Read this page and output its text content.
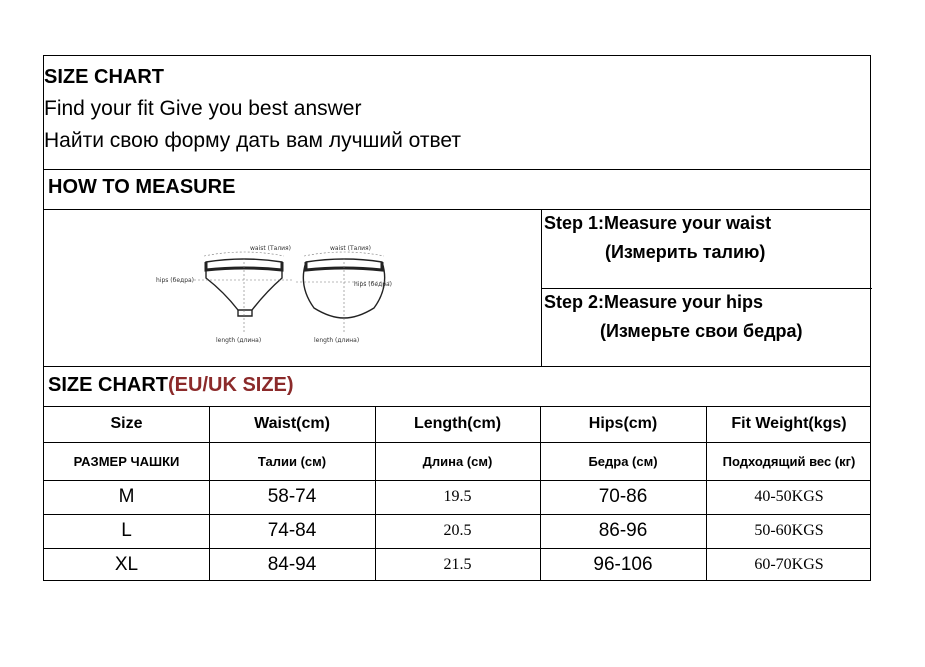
SIZE CHART
Find your fit Give you best answer
Найти свою форму дать вам лучший ответ
HOW TO MEASURE
waist (Талия)	waist (Талия)
hips (бедра)
hips (бедра)
length (длина)	length (длина)
Step 1:Measure your waist
(Измерить талию)
Step 2:Measure your hips
(Измерьте свои бедра)
SIZE CHART(EU/UK SIZE)
Size	Waist(cm)	Length(cm)	Hips(cm)	Fit Weight(kgs)
РАЗМЕР ЧАШКИ	Талии (см)	Длина (см)	Бедра (см)	Подходящий вес (кг)
M	58-74	19.5	70-86	40-50KGS
L	74-84	20.5	86-96	50-60KGS
XL	84-94	21.5	96-106	60-70KGS
